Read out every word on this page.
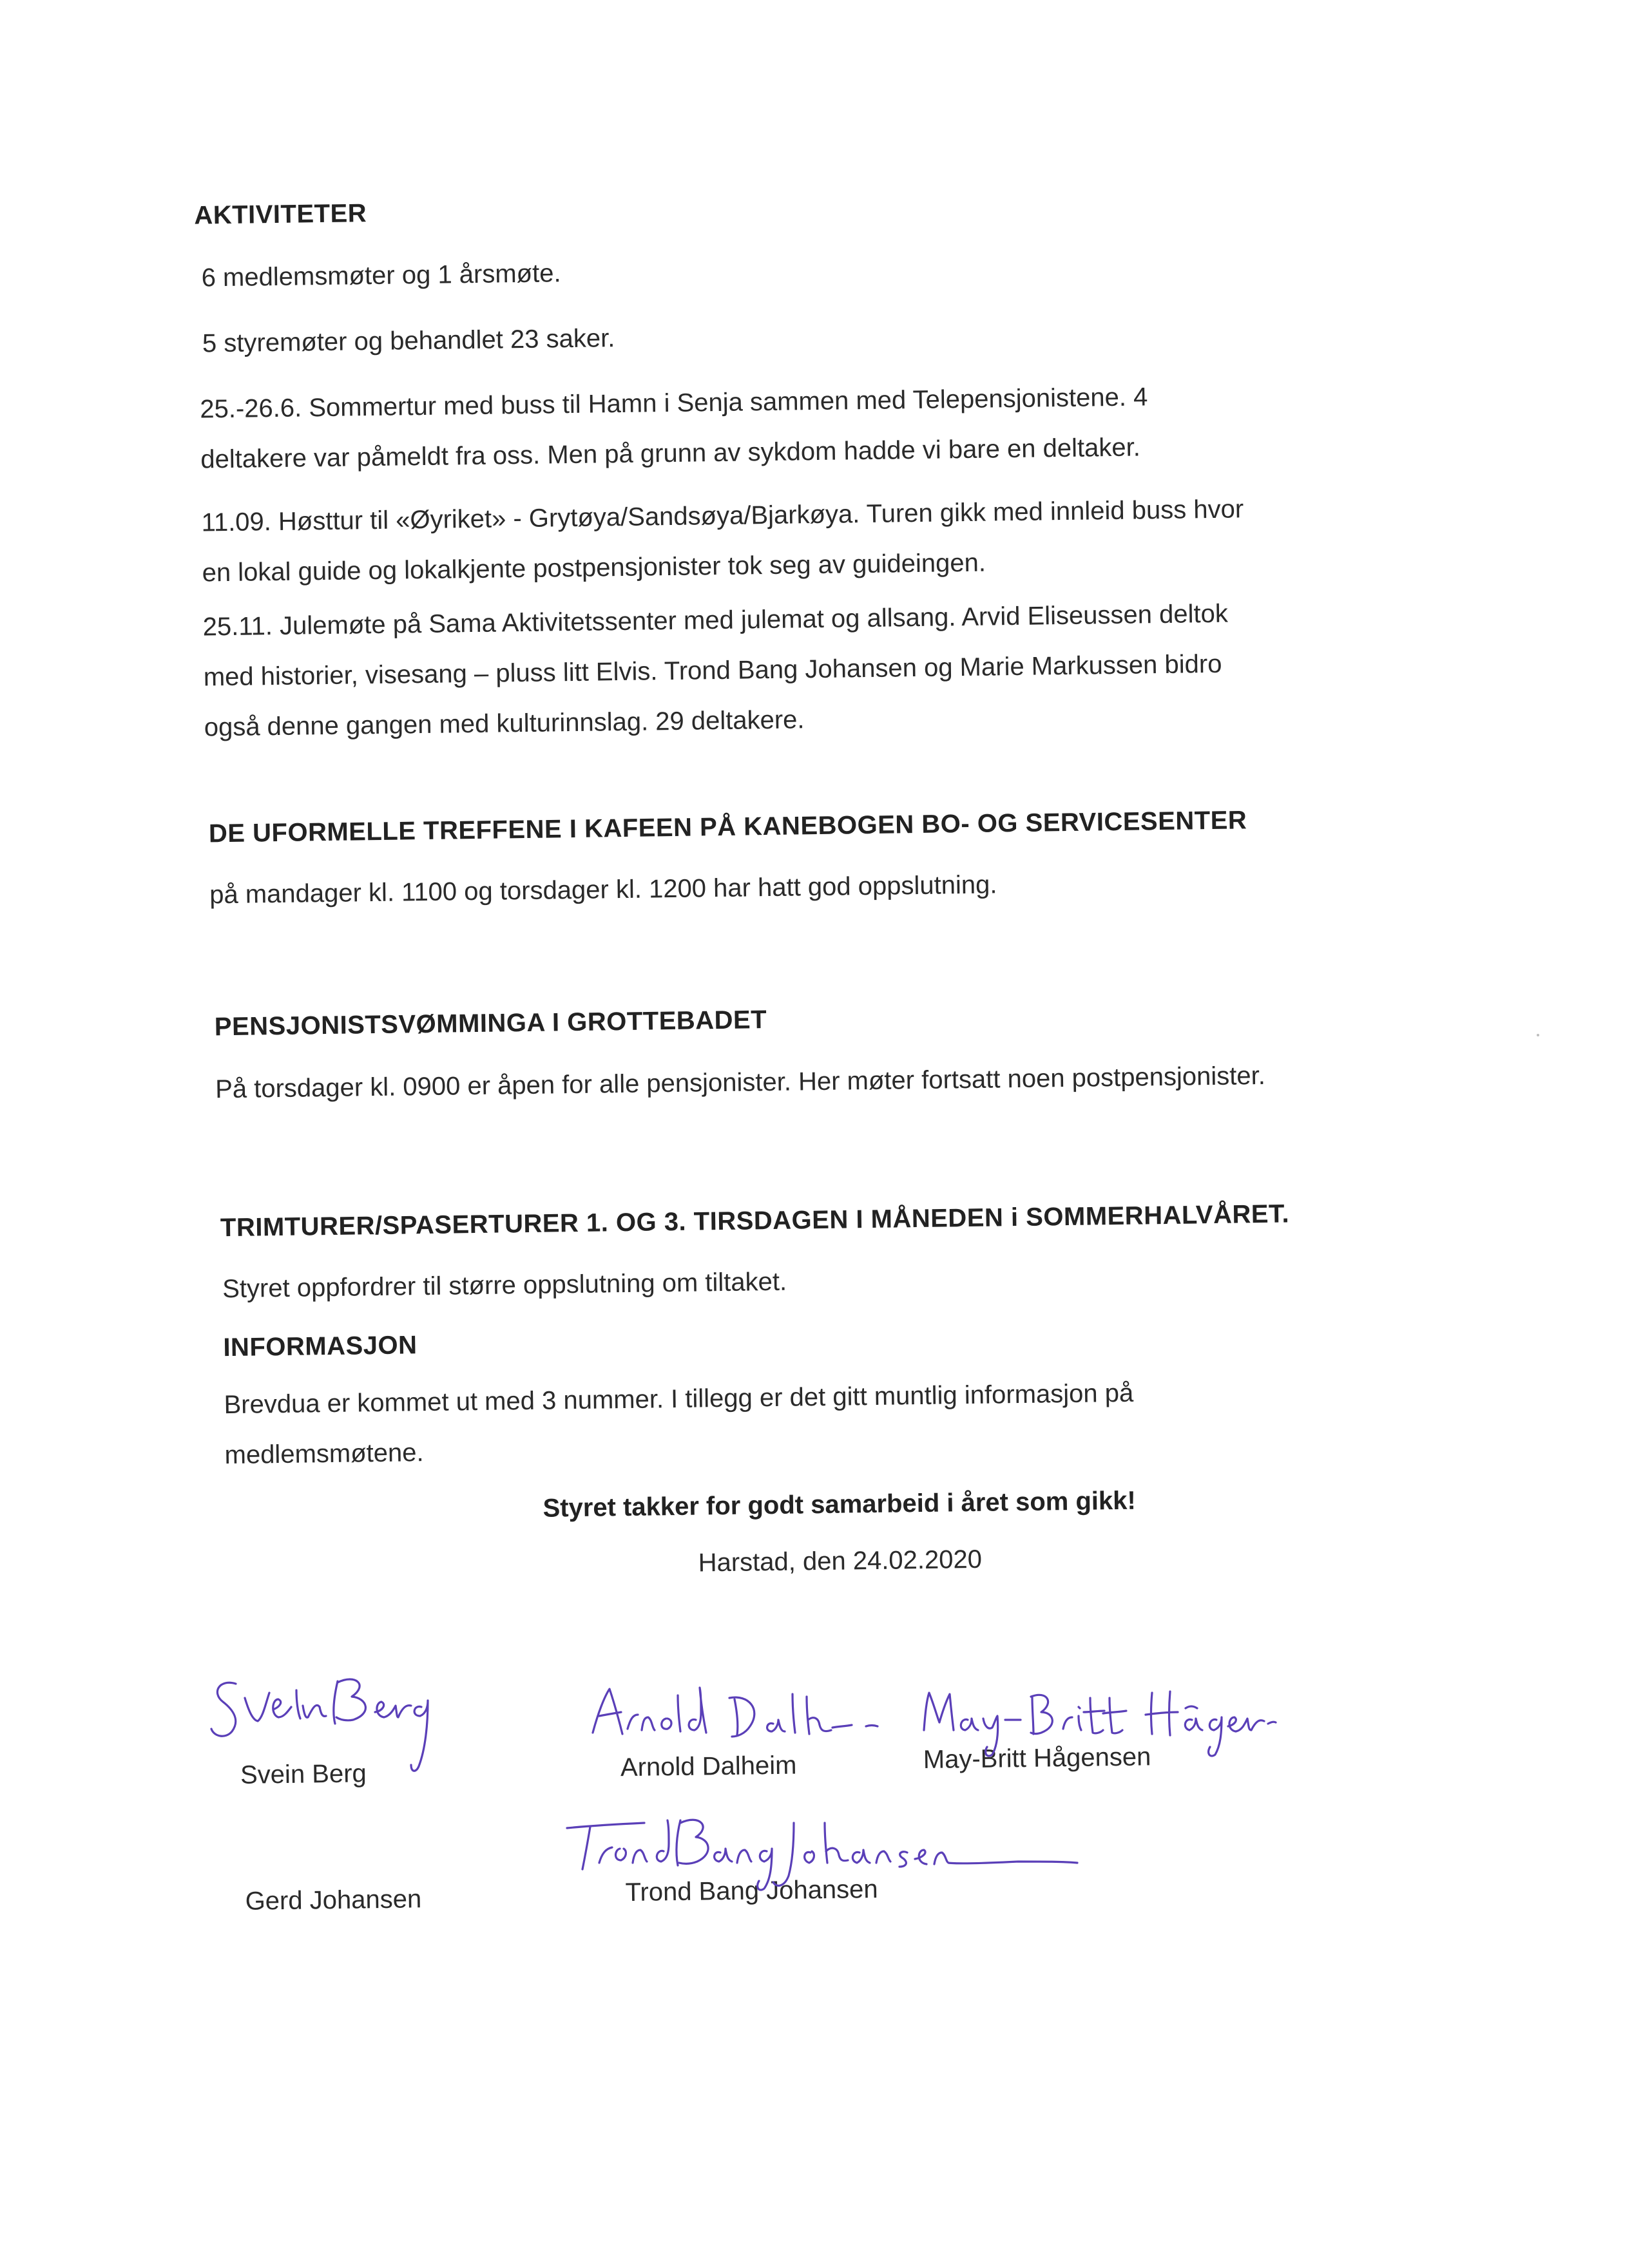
AKTIVITETER
6 medlemsmøter og 1 årsmøte.
5 styremøter og behandlet 23 saker.
25.-26.6. Sommertur med buss til Hamn i Senja sammen med Telepensjonistene. 4
deltakere var påmeldt fra oss. Men på grunn av sykdom hadde vi bare en deltaker.
11.09. Høsttur til «Øyriket» - Grytøya/Sandsøya/Bjarkøya. Turen gikk med innleid buss hvor
en lokal guide og lokalkjente postpensjonister tok seg av guideingen.
25.11. Julemøte på Sama Aktivitetssenter med julemat og allsang. Arvid Eliseussen deltok
med historier, visesang – pluss litt Elvis. Trond Bang Johansen og Marie Markussen bidro
også denne gangen med kulturinnslag. 29 deltakere.
DE UFORMELLE TREFFENE I KAFEEN PÅ KANEBOGEN BO- OG SERVICESENTER
på mandager kl. 1100 og torsdager kl. 1200 har hatt god oppslutning.
PENSJONISTSVØMMINGA I GROTTEBADET
På torsdager kl. 0900 er åpen for alle pensjonister. Her møter fortsatt noen postpensjonister.
TRIMTURER/SPASERTURER 1. OG 3. TIRSDAGEN I MÅNEDEN i SOMMERHALVÅRET.
Styret oppfordrer til større oppslutning om tiltaket.
INFORMASJON
Brevdua er kommet ut med 3 nummer. I tillegg er det gitt muntlig informasjon på
medlemsmøtene.
Styret takker for godt samarbeid i året som gikk!
Harstad, den 24.02.2020
Svein Berg	Arnold Dalheim	May-Britt Hågensen
Gerd Johansen	Trond Bang Johansen
